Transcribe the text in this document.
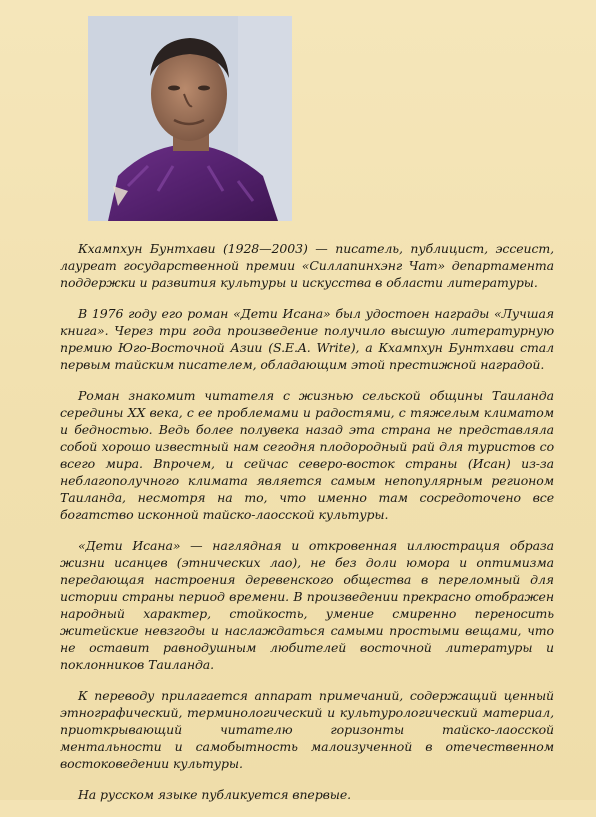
Кхампхун Бунтхави (1928—2003) — писатель, публицист, эссеист, лауреат государственной премии «Силлапинхэнг Чат» департамента поддержки и развития культуры и искусства в области литературы.

В 1976 году его роман «Дети Исана» был удостоен награды «Лучшая книга». Через три года произведение получило высшую литературную премию Юго-Восточной Азии (S.E.A. Write), а Кхампхун Бунтхави стал первым тайским писателем, обладающим этой престижной наградой.

Роман знакомит читателя с жизнью сельской общины Таиланда середины XX века, с ее проблемами и радостями, с тяжелым климатом и бедностью. Ведь более полувека назад эта страна не представляла собой хорошо известный нам сегодня плодородный рай для туристов со всего мира. Впрочем, и сейчас северо-восток страны (Исан) из-за неблагополучного климата является самым непопулярным регионом Таиланда, несмотря на то, что именно там сосредоточено все богатство исконной тайско-лаосской культуры.

«Дети Исана» — наглядная и откровенная иллюстрация образа жизни исанцев (этнических лао), не без доли юмора и оптимизма передающая настроения деревенского общества в переломный для истории страны период времени. В произведении прекрасно отображен народный характер, стойкость, умение смиренно переносить житейские невзгоды и наслаждаться самыми простыми вещами, что не оставит равнодушным любителей восточной литературы и поклонников Таиланда.

К переводу прилагается аппарат примечаний, содержащий ценный этнографический, терминологический и культурологический материал, приоткрывающий читателю горизонты тайско-лаосской ментальности и самобытность малоизученной в отечественном востоковедении культуры.

На русском языке публикуется впервые.
